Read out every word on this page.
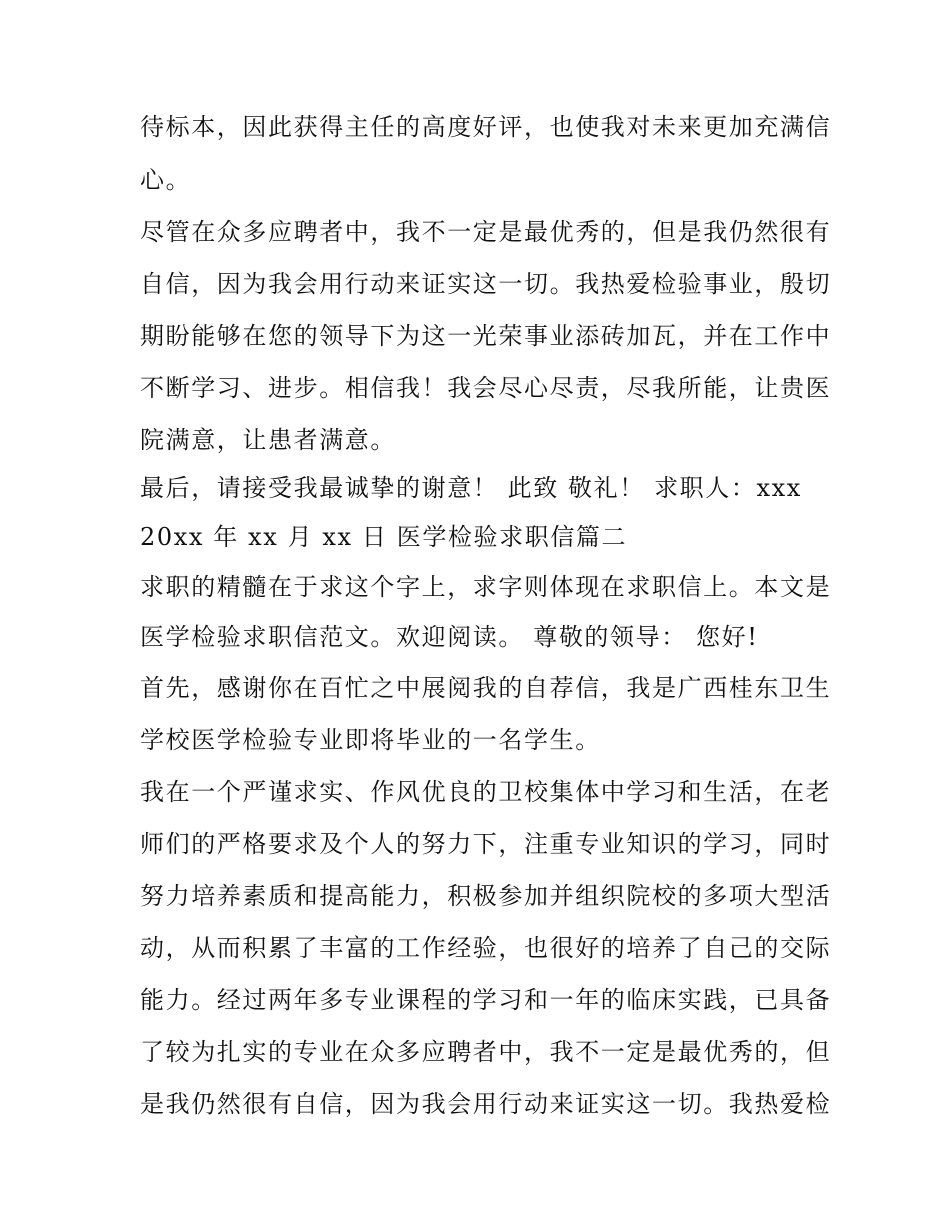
待标本，因此获得主任的高度好评，也使我对未来更加充满信
心。
尽管在众多应聘者中，我不一定是最优秀的，但是我仍然很有
自信，因为我会用行动来证实这一切。我热爱检验事业，殷切
期盼能够在您的领导下为这一光荣事业添砖加瓦，并在工作中
不断学习、进步。相信我！我会尽心尽责，尽我所能，让贵医
院满意，让患者满意。
最后，请接受我最诚挚的谢意！ 此致 敬礼！ 求职人：xxx
20xx 年 xx 月 xx 日 医学检验求职信篇二
求职的精髓在于求这个字上，求字则体现在求职信上。本文是
医学检验求职信范文。欢迎阅读。 尊敬的领导： 您好!
首先，感谢你在百忙之中展阅我的自荐信，我是广西桂东卫生
学校医学检验专业即将毕业的一名学生。
我在一个严谨求实、作风优良的卫校集体中学习和生活，在老
师们的严格要求及个人的努力下，注重专业知识的学习，同时
努力培养素质和提高能力，积极参加并组织院校的多项大型活
动，从而积累了丰富的工作经验，也很好的培养了自己的交际
能力。经过两年多专业课程的学习和一年的临床实践，已具备
了较为扎实的专业在众多应聘者中，我不一定是最优秀的，但
是我仍然很有自信，因为我会用行动来证实这一切。我热爱检
